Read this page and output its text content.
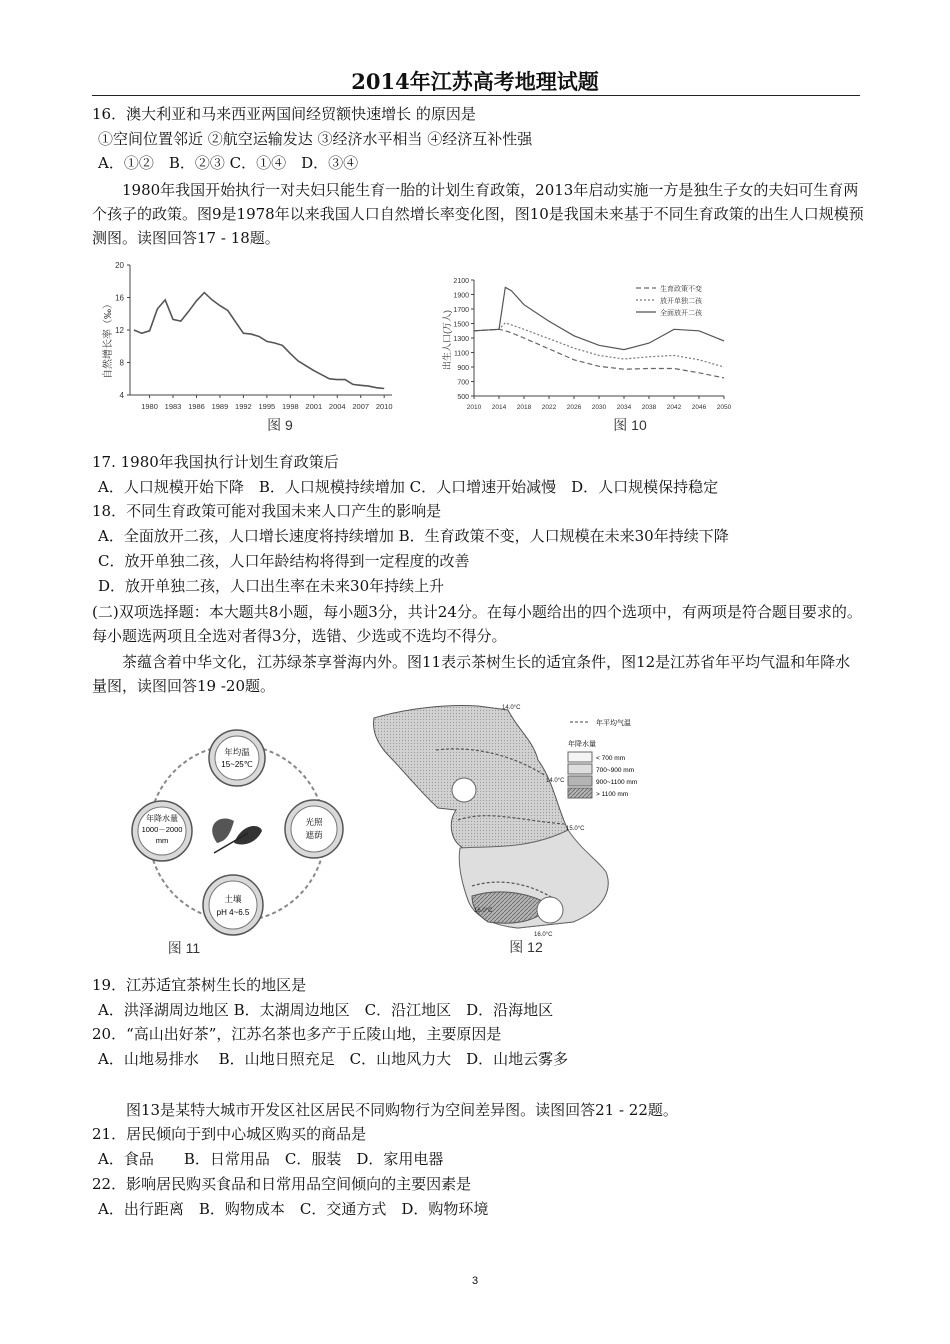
2014年江苏高考地理试题
16．澳大利亚和马来西亚两国间经贸额快速增长 的原因是
①空间位置邻近 ②航空运输发达 ③经济水平相当 ④经济互补性强
A．①②　B．②③ C．①④　D．③④
1980年我国开始执行一对夫妇只能生育一胎的计划生育政策，2013年启动实施一方是独生子女的夫妇可生育两个孩子的政策。图9是1978年以来我国人口自然增长率变化图，图10是我国未来基于不同生育政策的出生人口规模预测图。读图回答17 - 18题。
4
8
12
16
20
1980 1983 1986 1989 1992 1995 1998 2001 2004 2007 2010
自然增长率（‰）
图 9
500
700
900
1100
1300
1500
1700
1900
2100
2010 2014 2018 2022 2026 2030 2034 2038 2042 2046 2050
生育政策不变
放开单独二孩
全面放开二孩
出生人口(万人)
图 10
17. 1980年我国执行计划生育政策后
A．人口规模开始下降　B．人口规模持续增加 C．人口增速开始减慢　D．人口规模保持稳定
18．不同生育政策可能对我国未来人口产生的影响是
A．全面放开二孩，人口增长速度将持续增加 B．生育政策不变，人口规模在未来30年持续下降
C．放开单独二孩，人口年龄结构将得到一定程度的改善
D．放开单独二孩，人口出生率在未来30年持续上升
(二)双项选择题：本大题共8小题，每小题3分，共计24分。在每小题给出的四个选项中，有两项是符合题目要求的。每小题选两项且全选对者得3分，选错、少选或不选均不得分。
茶蕴含着中华文化，江苏绿茶享誉海内外。图11表示茶树生长的适宜条件，图12是江苏省年平均气温和年降水量图，读图回答19 -20题。
年均温
15~25℃
年降水量
1000－2000
mm
光照
遮荫
土壤
pH 4~6.5
图 11
14.0°C
14.0°C
15.0°C
16.0°C
16.0°C
年平均气温
年降水量
< 700 mm
700~900 mm
900~1100 mm
> 1100 mm
图 12
19．江苏适宜茶树生长的地区是
A．洪泽湖周边地区 B．太湖周边地区　C．沿江地区　D．沿海地区
20．“高山出好茶”，江苏名茶也多产于丘陵山地，主要原因是
A．山地易排水　 B．山地日照充足　C．山地风力大　D．山地云雾多
图13是某特大城市开发区社区居民不同购物行为空间差异图。读图回答21 - 22题。
21．居民倾向于到中心城区购买的商品是
A．食品　　B．日常用品　C．服装　D．家用电器
22．影响居民购买食品和日常用品空间倾向的主要因素是
A．出行距离　B．购物成本　C．交通方式　D．购物环境
3
